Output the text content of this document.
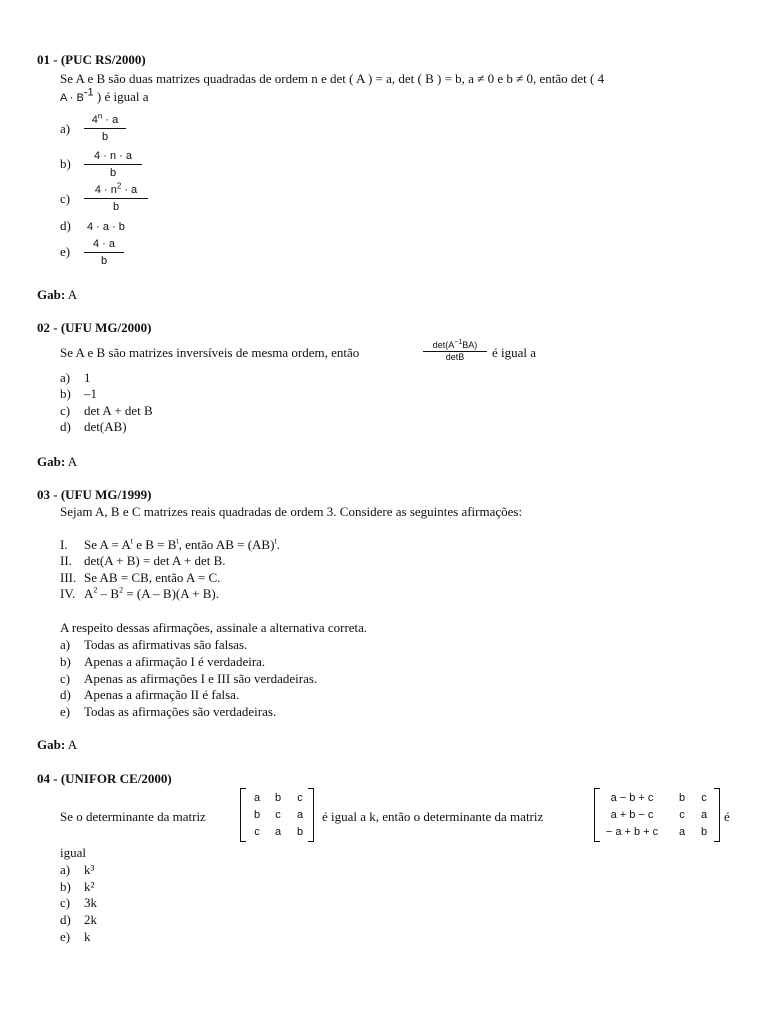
01 - (PUC RS/2000)
Se A e B são duas matrizes quadradas de ordem n e det ( A ) = a, det ( B ) = b, a ≠ 0 e b ≠ 0, então det ( 4
$A \cdot B^{-1}$ ) é igual a
a)
$4^n \cdot a$
b
b)	4 · n · a
b
c)
$4 \cdot n^2 \cdot a$
b
d) 4 · a · b
e)	4 · a
b
Gab: A
02 - (UFU MG/2000)
Se A e B são matrizes inversíveis de mesma ordem, então	$\det(A^{-1}BA)$
detB	é igual a
a) 1
b) –1
c) det A + det B
d) det(AB)
Gab: A
03 - (UFU MG/1999)
Sejam A, B e C matrizes reais quadradas de ordem 3. Considere as seguintes afirmações:
I. Se $A = A^t$ e $B = B^t$, então AB = (AB)$^t$.
II. det(A + B) = det A + det B.
III. Se AB = CB, então A = C.
IV. $A^2 - B^2 = (A - B)(A + B)$.
A respeito dessas afirmações, assinale a alternativa correta.
a) Todas as afirmativas são falsas.
b) Apenas a afirmação I é verdadeira.
c) Apenas as afirmações I e III são verdadeiras.
d) Apenas a afirmação II é falsa.
e) Todas as afirmações são verdadeiras.
Gab: A
04 - (UNIFOR CE/2000)
Se o determinante da matriz
a	b	c
b	c	a
c	a	b
é igual a k, então o determinante da matriz
a − b + c	b	c
a + b − c	c	a
− a + b + c	a	b
é
igual
a) k³
b) k²
c) 3k
d) 2k
e) k
